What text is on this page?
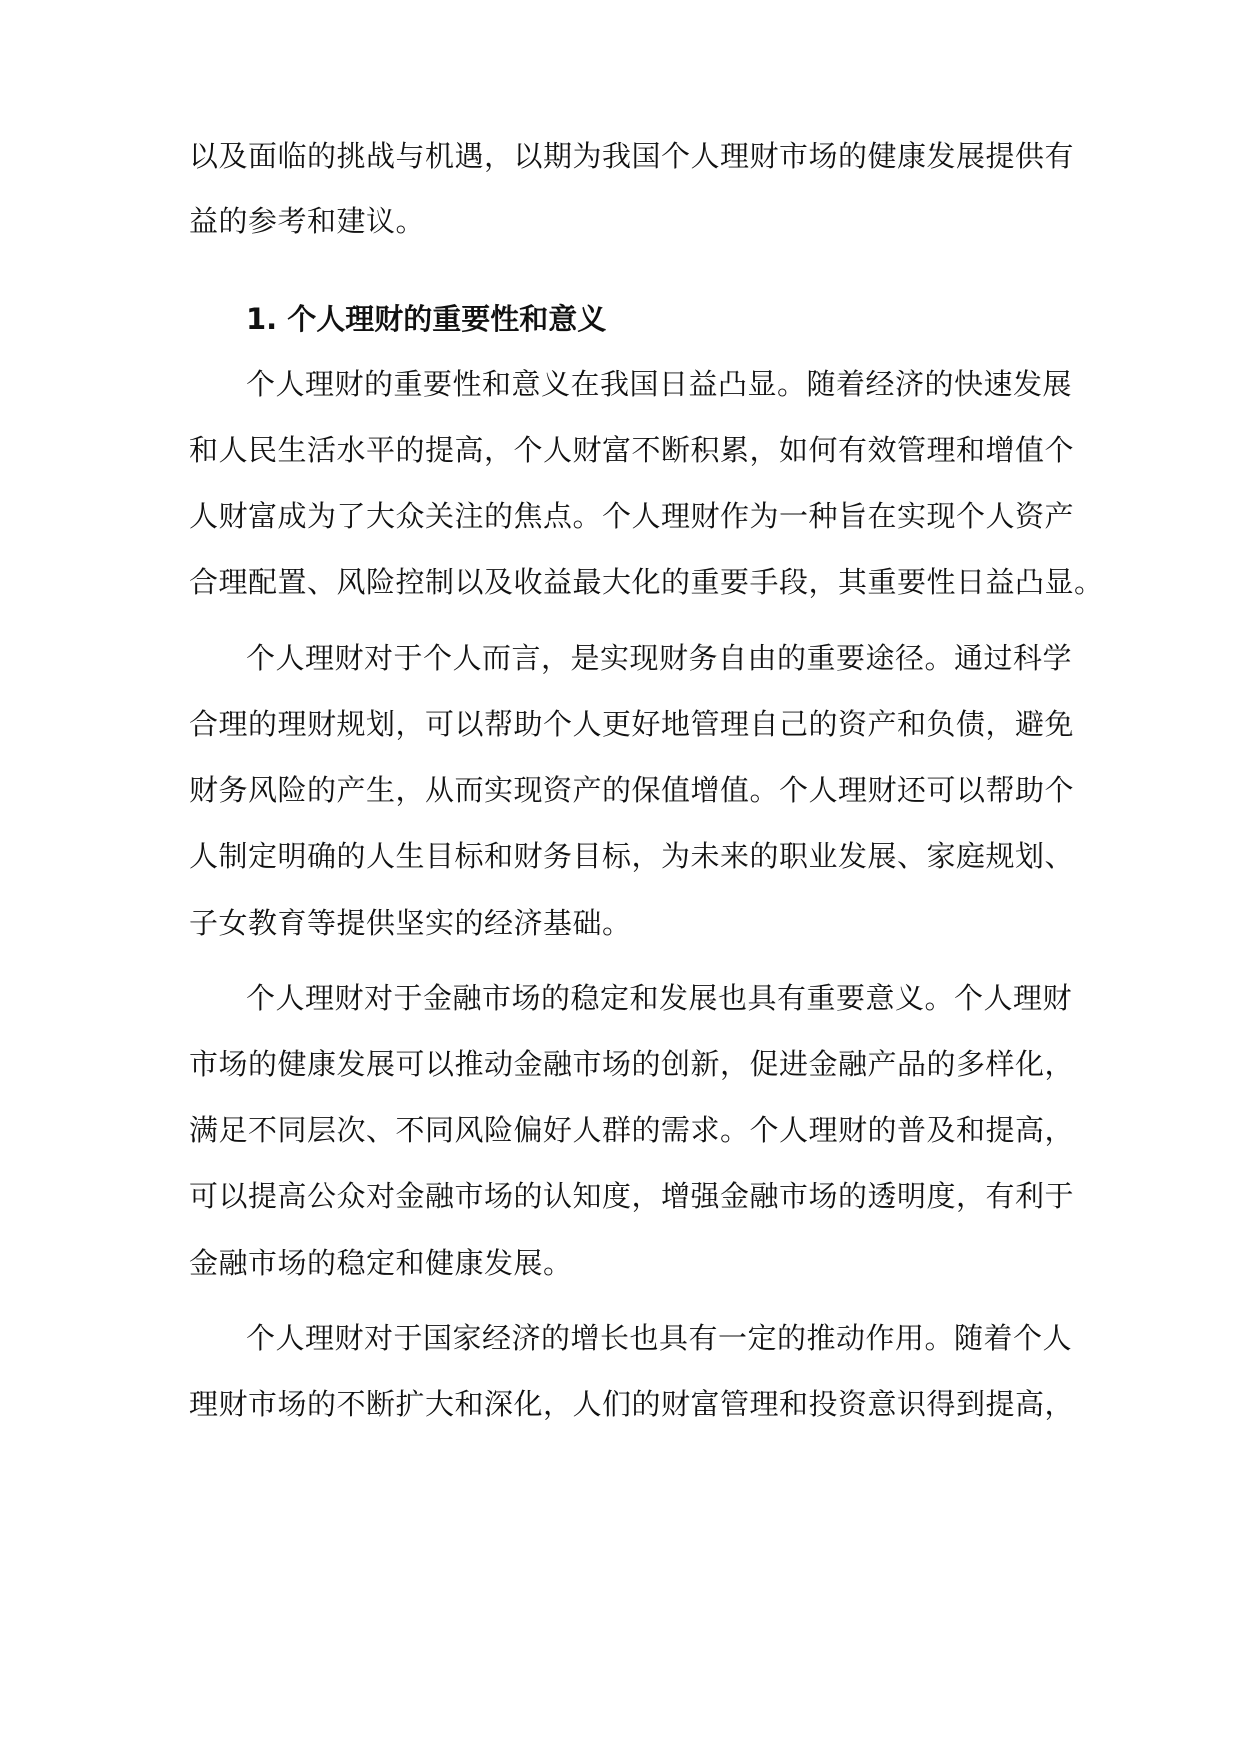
以及面临的挑战与机遇，以期为我国个人理财市场的健康发展提供有
益的参考和建议。
1. 个人理财的重要性和意义
个人理财的重要性和意义在我国日益凸显。随着经济的快速发展
和人民生活水平的提高，个人财富不断积累，如何有效管理和增值个
人财富成为了大众关注的焦点。个人理财作为一种旨在实现个人资产
合理配置、风险控制以及收益最大化的重要手段，其重要性日益凸显。
个人理财对于个人而言，是实现财务自由的重要途径。通过科学
合理的理财规划，可以帮助个人更好地管理自己的资产和负债，避免
财务风险的产生，从而实现资产的保值增值。个人理财还可以帮助个
人制定明确的人生目标和财务目标，为未来的职业发展、家庭规划、
子女教育等提供坚实的经济基础。
个人理财对于金融市场的稳定和发展也具有重要意义。个人理财
市场的健康发展可以推动金融市场的创新，促进金融产品的多样化，
满足不同层次、不同风险偏好人群的需求。个人理财的普及和提高，
可以提高公众对金融市场的认知度，增强金融市场的透明度，有利于
金融市场的稳定和健康发展。
个人理财对于国家经济的增长也具有一定的推动作用。随着个人
理财市场的不断扩大和深化，人们的财富管理和投资意识得到提高，
